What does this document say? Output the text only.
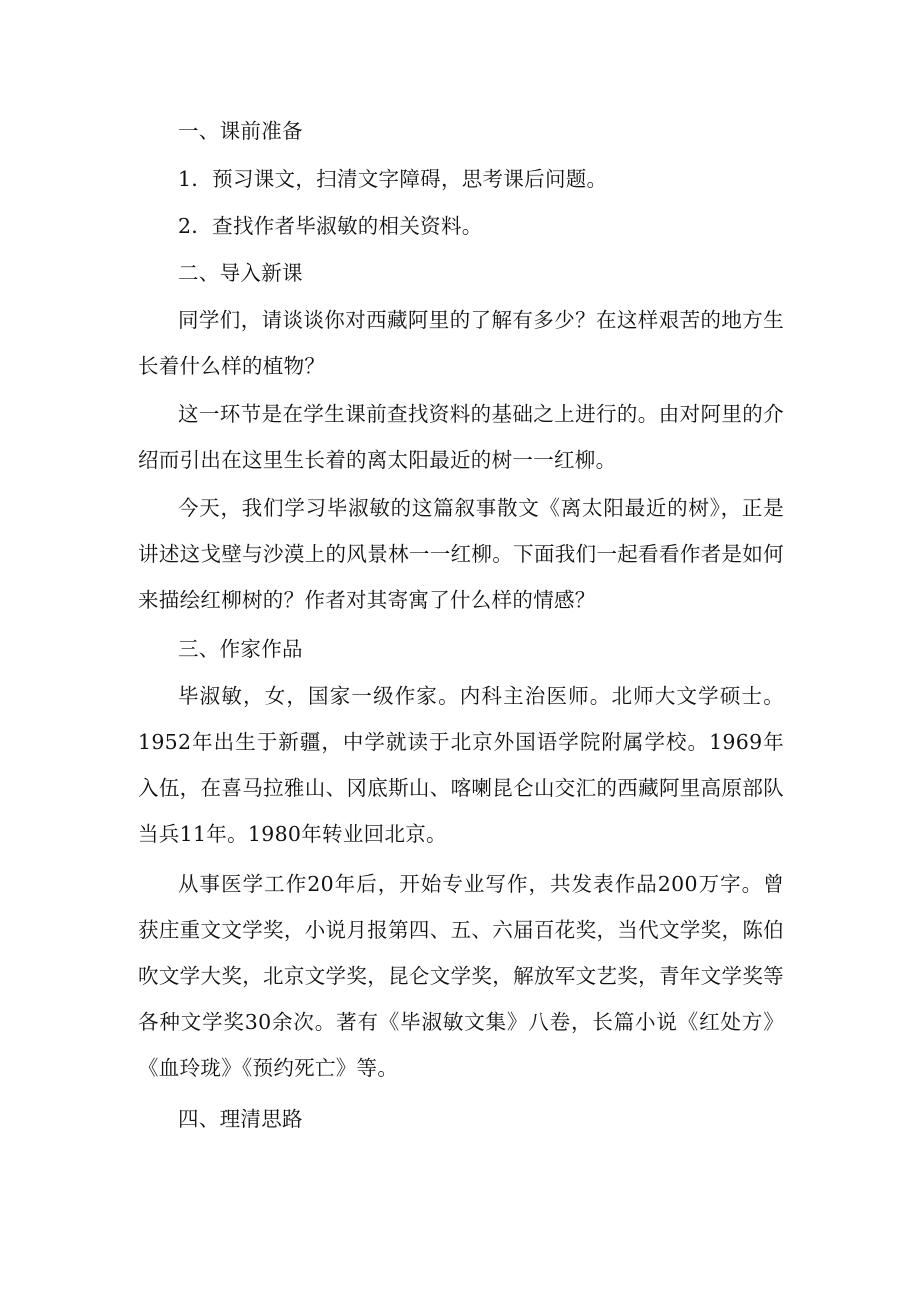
一、课前准备

1．预习课文，扫清文字障碍，思考课后问题。

2．查找作者毕淑敏的相关资料。

二、导入新课

同学们，请谈谈你对西藏阿里的了解有多少？在这样艰苦的地方生长着什么样的植物？

这一环节是在学生课前查找资料的基础之上进行的。由对阿里的介绍而引出在这里生长着的离太阳最近的树一一红柳。

今天，我们学习毕淑敏的这篇叙事散文《离太阳最近的树》，正是讲述这戈壁与沙漠上的风景林一一红柳。下面我们一起看看作者是如何来描绘红柳树的？作者对其寄寓了什么样的情感？

三、作家作品

毕淑敏，女，国家一级作家。内科主治医师。北师大文学硕士。1952年出生于新疆，中学就读于北京外国语学院附属学校。1969年入伍，在喜马拉雅山、冈底斯山、喀喇昆仑山交汇的西藏阿里高原部队当兵11年。1980年转业回北京。

从事医学工作20年后，开始专业写作，共发表作品200万字。曾获庄重文文学奖，小说月报第四、五、六届百花奖，当代文学奖，陈伯吹文学大奖，北京文学奖，昆仑文学奖，解放军文艺奖，青年文学奖等各种文学奖30余次。著有《毕淑敏文集》八卷，长篇小说《红处方》《血玲珑》《预约死亡》等。

四、理清思路
